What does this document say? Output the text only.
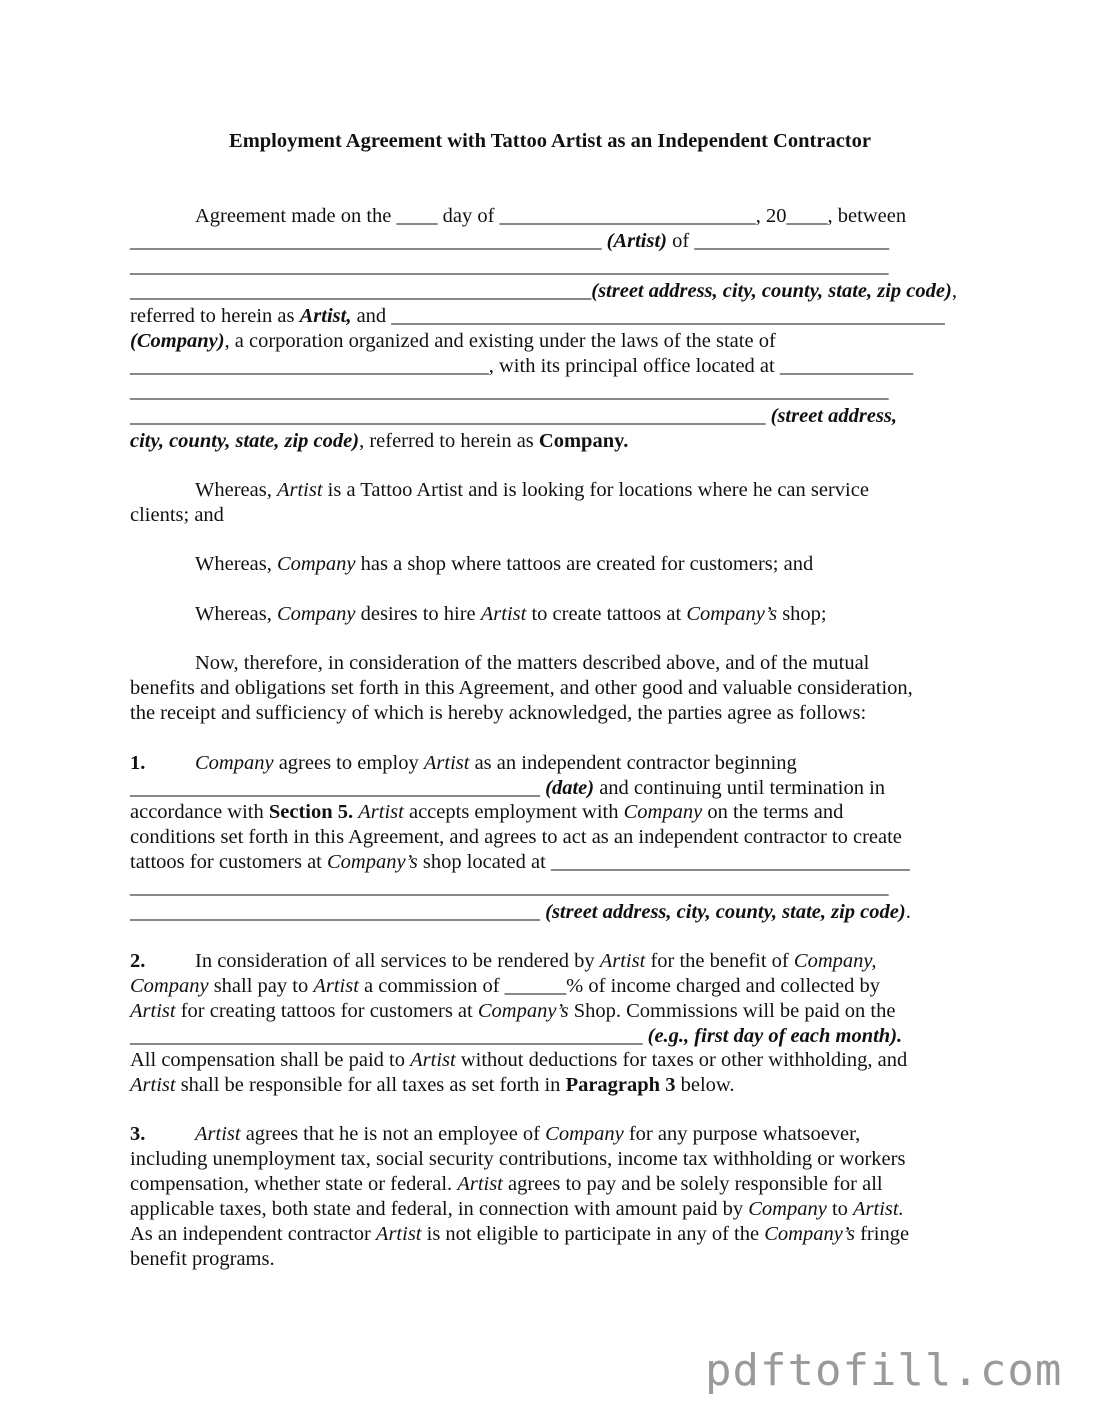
Employment Agreement with Tattoo Artist as an Independent Contractor
Agreement made on the ____ day of _________________________, 20____, between
______________________________________________ (Artist) of ___________________
__________________________________________________________________________
_____________________________________________(street address, city, county, state, zip code),
referred to herein as Artist, and ______________________________________________________
(Company), a corporation organized and existing under the laws of the state of
___________________________________, with its principal office located at _____________
__________________________________________________________________________
______________________________________________________________ (street address,
city, county, state, zip code), referred to herein as Company.
Whereas, Artist is a Tattoo Artist and is looking for locations where he can service
clients; and
Whereas, Company has a shop where tattoos are created for customers; and
Whereas, Company desires to hire Artist to create tattoos at Company’s shop;
Now, therefore, in consideration of the matters described above, and of the mutual
benefits and obligations set forth in this Agreement, and other good and valuable consideration,
the receipt and sufficiency of which is hereby acknowledged, the parties agree as follows:
1. Company agrees to employ Artist as an independent contractor beginning
________________________________________ (date) and continuing until termination in
accordance with Section 5. Artist accepts employment with Company on the terms and
conditions set forth in this Agreement, and agrees to act as an independent contractor to create
tattoos for customers at Company’s shop located at ___________________________________
__________________________________________________________________________
________________________________________ (street address, city, county, state, zip code).
2. In consideration of all services to be rendered by Artist for the benefit of Company,
Company shall pay to Artist a commission of ______% of income charged and collected by
Artist for creating tattoos for customers at Company’s Shop. Commissions will be paid on the
__________________________________________________ (e.g., first day of each month).
All compensation shall be paid to Artist without deductions for taxes or other withholding, and
Artist shall be responsible for all taxes as set forth in Paragraph 3 below.
3. Artist agrees that he is not an employee of Company for any purpose whatsoever,
including unemployment tax, social security contributions, income tax withholding or workers
compensation, whether state or federal. Artist agrees to pay and be solely responsible for all
applicable taxes, both state and federal, in connection with amount paid by Company to Artist.
As an independent contractor Artist is not eligible to participate in any of the Company’s fringe
benefit programs.
pdftofill.com
